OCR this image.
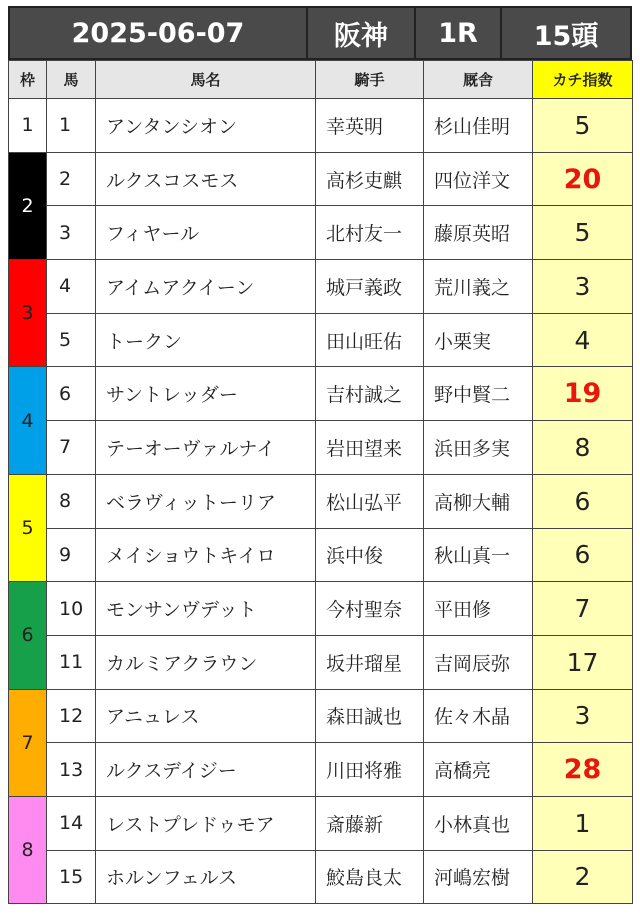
2025-06-07	阪神	1R	15頭
枠	馬	馬名	騎手	厩舎	カチ指数
1	1	アンタンシオン	幸英明	杉山佳明	5
2	2	ルクスコスモス	高杉吏麒	四位洋文	20
	3	フィヤール	北村友一	藤原英昭	5
3	4	アイムアクイーン	城戸義政	荒川義之	3
	5	トークン	田山旺佑	小栗実	4
4	6	サントレッダー	吉村誠之	野中賢二	19
	7	テーオーヴァルナイ	岩田望来	浜田多実	8
5	8	ベラヴィットーリア	松山弘平	高柳大輔	6
	9	メイショウトキイロ	浜中俊	秋山真一	6
6	10	モンサンヴデット	今村聖奈	平田修	7
	11	カルミアクラウン	坂井瑠星	吉岡辰弥	17
7	12	アニュレス	森田誠也	佐々木晶	3
	13	ルクスデイジー	川田将雅	高橋亮	28
8	14	レストプレドゥモア	斎藤新	小林真也	1
	15	ホルンフェルス	鮫島良太	河嶋宏樹	2
